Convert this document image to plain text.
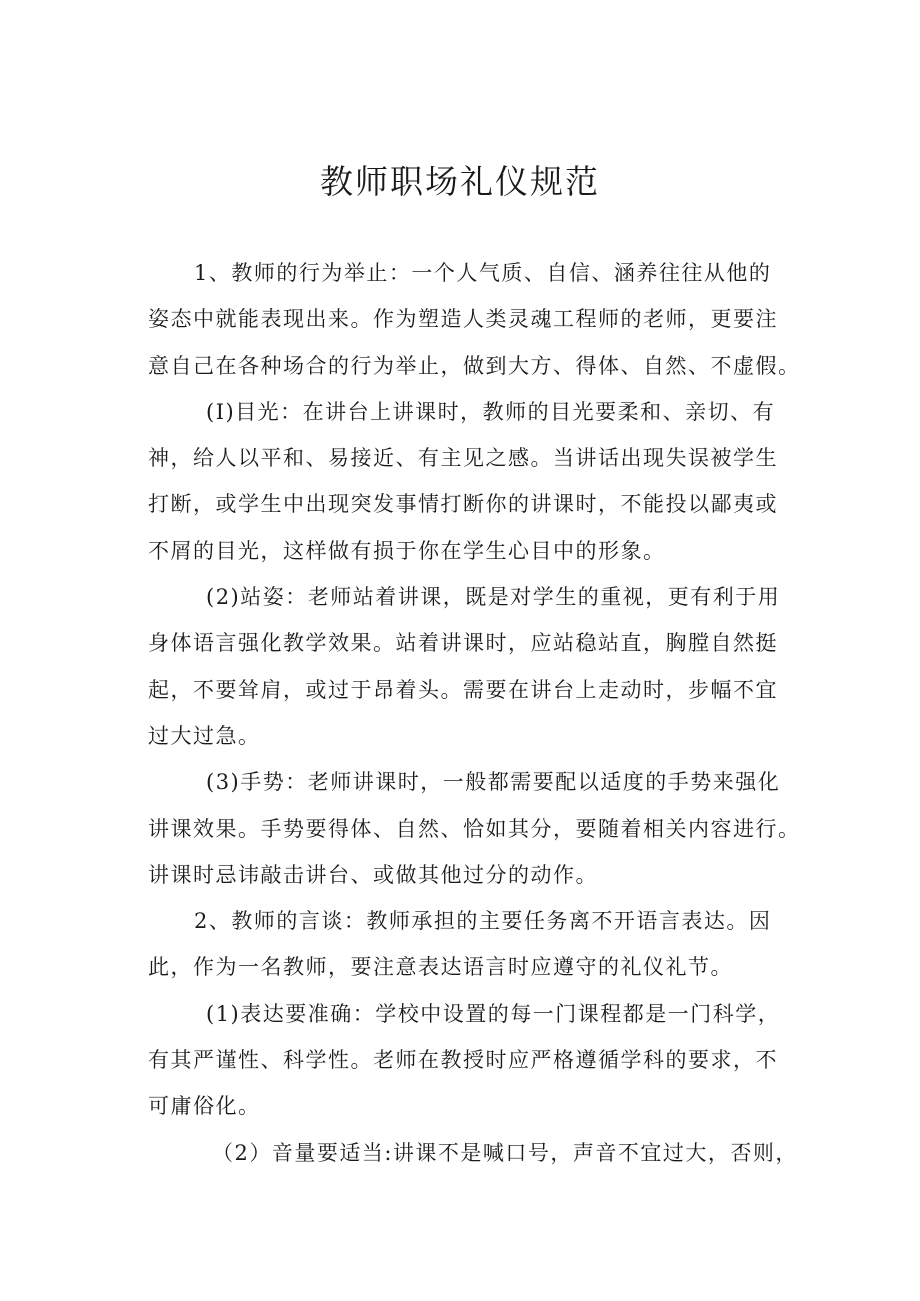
教师职场礼仪规范
1、教师的行为举止：一个人气质、自信、涵养往往从他的
姿态中就能表现出来。作为塑造人类灵魂工程师的老师，更要注
意自己在各种场合的行为举止，做到大方、得体、自然、不虚假。
(I)目光：在讲台上讲课时，教师的目光要柔和、亲切、有
神，给人以平和、易接近、有主见之感。当讲话出现失误被学生
打断，或学生中出现突发事情打断你的讲课时，不能投以鄙夷或
不屑的目光，这样做有损于你在学生心目中的形象。
(2)站姿：老师站着讲课，既是对学生的重视，更有利于用
身体语言强化教学效果。站着讲课时，应站稳站直，胸膛自然挺
起，不要耸肩，或过于昂着头。需要在讲台上走动时，步幅不宜
过大过急。
(3)手势：老师讲课时，一般都需要配以适度的手势来强化
讲课效果。手势要得体、自然、恰如其分，要随着相关内容进行。
讲课时忌讳敲击讲台、或做其他过分的动作。
2、教师的言谈：教师承担的主要任务离不开语言表达。因
此，作为一名教师，要注意表达语言时应遵守的礼仪礼节。
(1)表达要准确：学校中设置的每一门课程都是一门科学，
有其严谨性、科学性。老师在教授时应严格遵循学科的要求，不
可庸俗化。
（2）音量要适当:讲课不是喊口号，声音不宜过大，否则，
